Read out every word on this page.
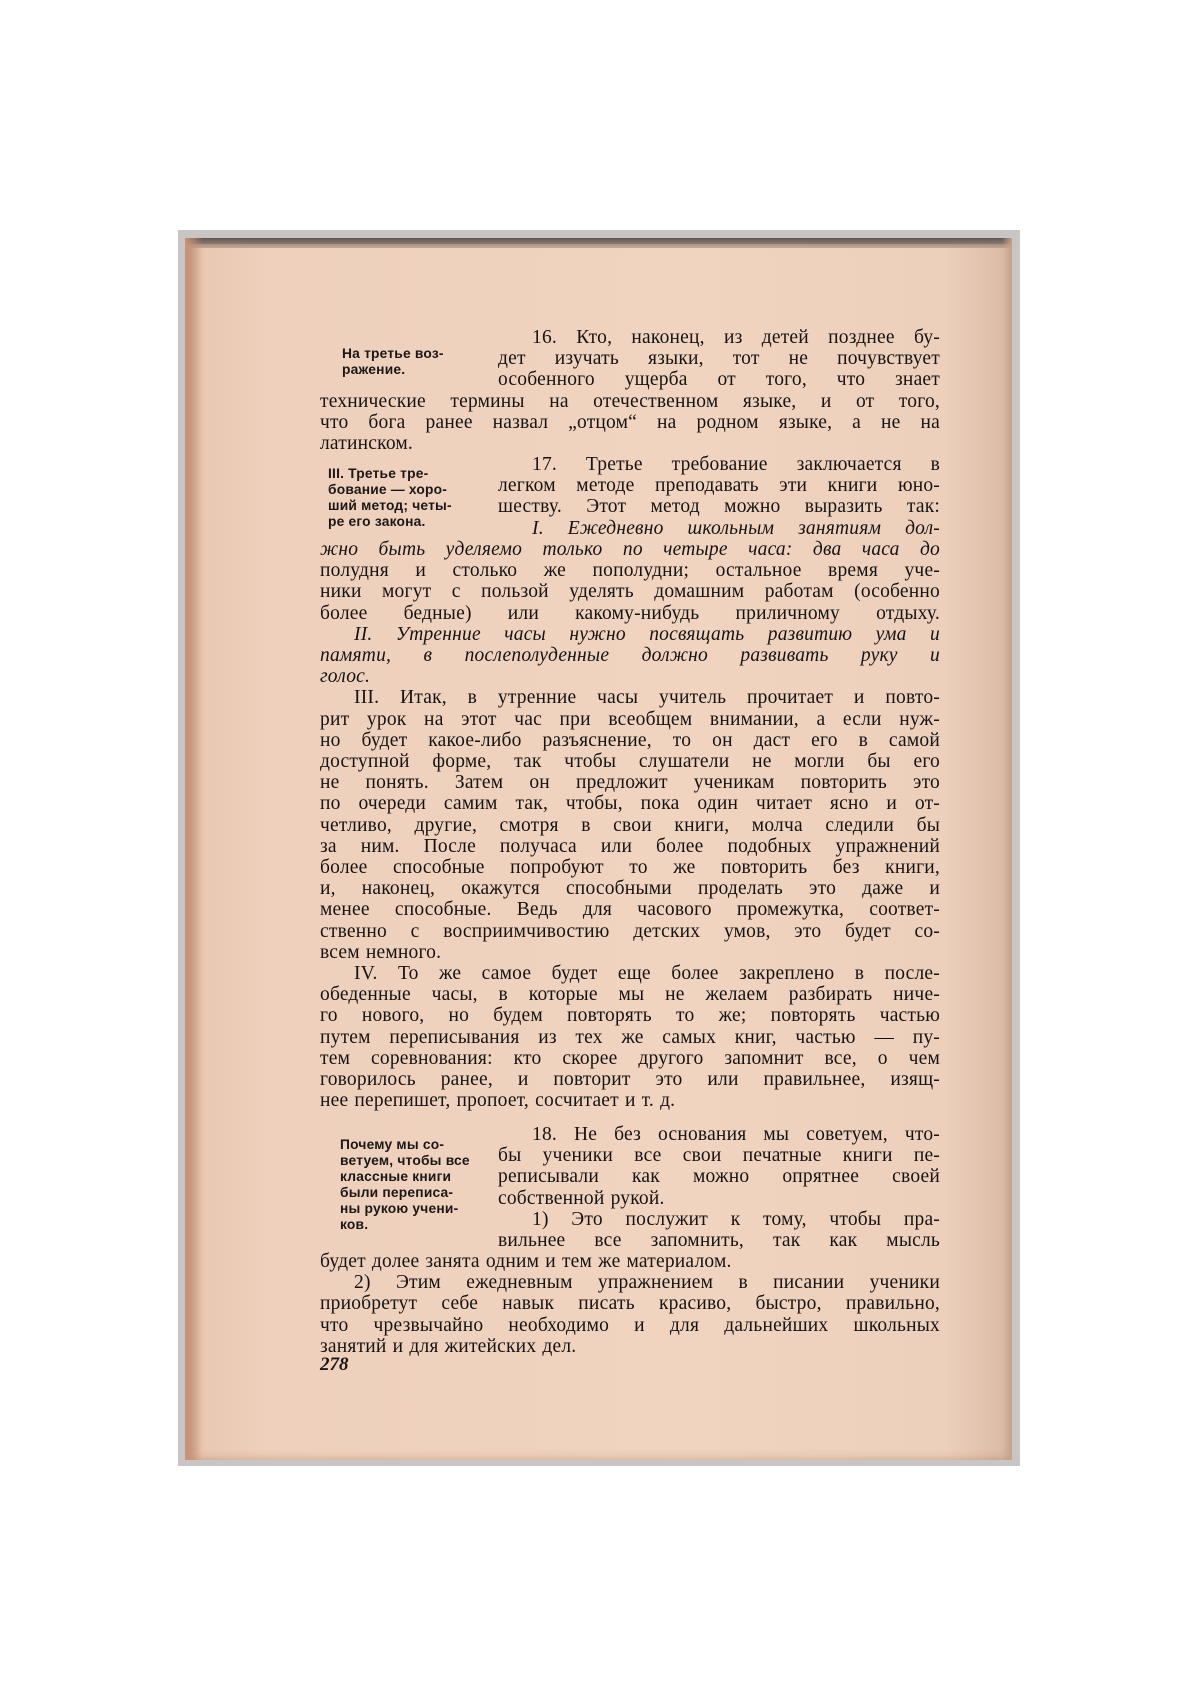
На третье воз-
ражение.
III. Третье тре-
бование — хоро-
ший метод; четы-
ре его закона.
Почему мы со-
ветуем, чтобы все
классные книги
были переписа-
ны рукою учени-
ков.
16. Кто, наконец, из детей позднее бу-
дет изучать языки, тот не почувствует
особенного ущерба от того, что знает
технические термины на отечественном языке, и от того,
что бога ранее назвал „отцом“ на родном языке, а не на
латинском.
17. Третье требование заключается в
легком методе преподавать эти книги юно-
шеству. Этот метод можно выразить так:
I. Ежедневно школьным занятиям дол-
жно быть уделяемо только по четыре часа: два часа до
полудня и столько же пополудни; остальное время уче-
ники могут с пользой уделять домашним работам (особенно
более бедные) или какому-нибудь приличному отдыху.
II. Утренние часы нужно посвящать развитию ума и
памяти, в послеполуденные должно развивать руку и
голос.
III. Итак, в утренние часы учитель прочитает и повто-
рит урок на этот час при всеобщем внимании, а если нуж-
но будет какое-либо разъяснение, то он даст его в самой
доступной форме, так чтобы слушатели не могли бы его
не понять. Затем он предложит ученикам повторить это
по очереди самим так, чтобы, пока один читает ясно и от-
четливо, другие, смотря в свои книги, молча следили бы
за ним. После получаса или более подобных упражнений
более способные попробуют то же повторить без книги,
и, наконец, окажутся способными проделать это даже и
менее способные. Ведь для часового промежутка, соответ-
ственно с восприимчивостию детских умов, это будет со-
всем немного.
IV. То же самое будет еще более закреплено в после-
обеденные часы, в которые мы не желаем разбирать ниче-
го нового, но будем повторять то же; повторять частью
путем переписывания из тех же самых книг, частью — пу-
тем соревнования: кто скорее другого запомнит все, о чем
говорилось ранее, и повторит это или правильнее, изящ-
нее перепишет, пропоет, сосчитает и т. д.
18. Не без основания мы советуем, что-
бы ученики все свои печатные книги пе-
реписывали как можно опрятнее своей
собственной рукой.
1) Это послужит к тому, чтобы пра-
вильнее все запомнить, так как мысль
будет долее занята одним и тем же материалом.
2) Этим ежедневным упражнением в писании ученики
приобретут себе навык писать красиво, быстро, правильно,
что чрезвычайно необходимо и для дальнейших школьных
занятий и для житейских дел.
278
